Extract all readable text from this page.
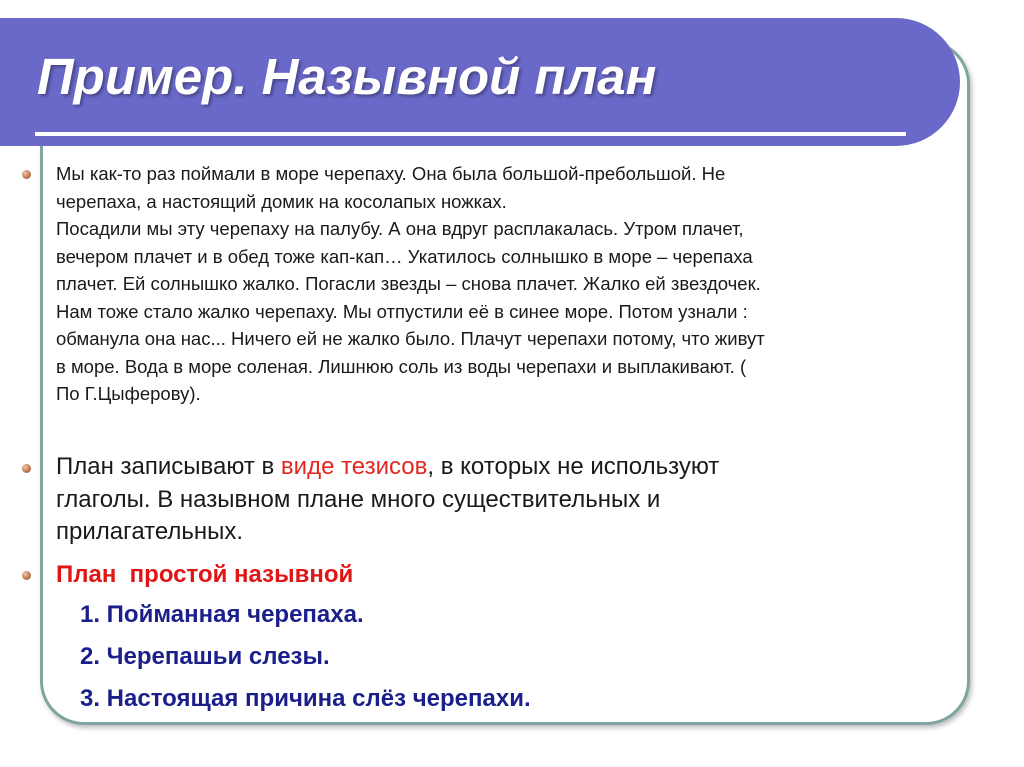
Пример. Назывной план

Мы как-то раз поймали в море черепаху. Она была большой-пребольшой. Не
черепаха, а настоящий домик на косолапых ножках.
Посадили мы эту черепаху на палубу. А она вдруг расплакалась. Утром плачет,
вечером плачет и в обед тоже кап-кап… Укатилось солнышко в море – черепаха
плачет. Ей солнышко жалко. Погасли звезды – снова плачет. Жалко ей звездочек.
Нам тоже стало жалко черепаху. Мы отпустили её в синее море. Потом узнали :
обманула она нас... Ничего ей не жалко было. Плачут черепахи потому, что живут
в море. Вода в море соленая. Лишнюю соль из воды черепахи и выплакивают. (
По Г.Цыферову).

План записывают в виде тезисов, в которых не используют
глаголы. В назывном плане много существительных и
прилагательных.

План  простой назывной

1. Пойманная черепаха.

2. Черепашьи слезы.

3. Настоящая причина слёз черепахи.
